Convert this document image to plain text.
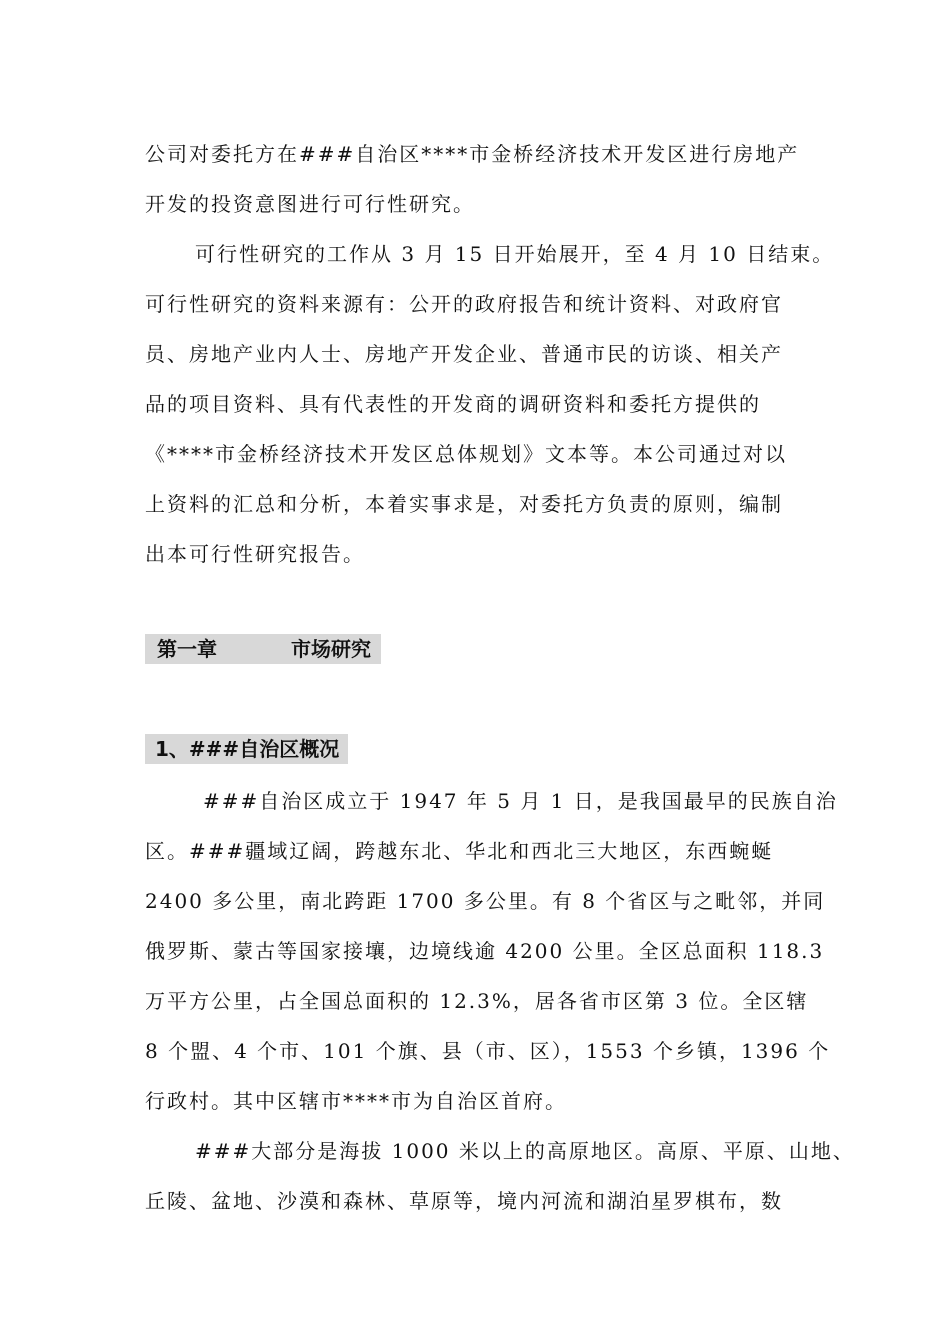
公司对委托方在###自治区****市金桥经济技术开发区进行房地产
开发的投资意图进行可行性研究。
可行性研究的工作从 3 月 15 日开始展开，至 4 月 10 日结束。
可行性研究的资料来源有：公开的政府报告和统计资料、对政府官
员、房地产业内人士、房地产开发企业、普通市民的访谈、相关产
品的项目资料、具有代表性的开发商的调研资料和委托方提供的
《****市金桥经济技术开发区总体规划》文本等。本公司通过对以
上资料的汇总和分析，本着实事求是，对委托方负责的原则，编制
出本可行性研究报告。
第一章	市场研究
1、###自治区概况
###自治区成立于 1947 年 5 月 1 日，是我国最早的民族自治
区。###疆域辽阔，跨越东北、华北和西北三大地区，东西蜿蜒
2400 多公里，南北跨距 1700 多公里。有 8 个省区与之毗邻，并同
俄罗斯、蒙古等国家接壤，边境线逾 4200 公里。全区总面积 118.3
万平方公里，占全国总面积的 12.3%，居各省市区第 3 位。全区辖
8 个盟、4 个市、101 个旗、县（市、区），1553 个乡镇，1396 个
行政村。其中区辖市****市为自治区首府。
###大部分是海拔 1000 米以上的高原地区。高原、平原、山地、
丘陵、盆地、沙漠和森林、草原等，境内河流和湖泊星罗棋布，数
